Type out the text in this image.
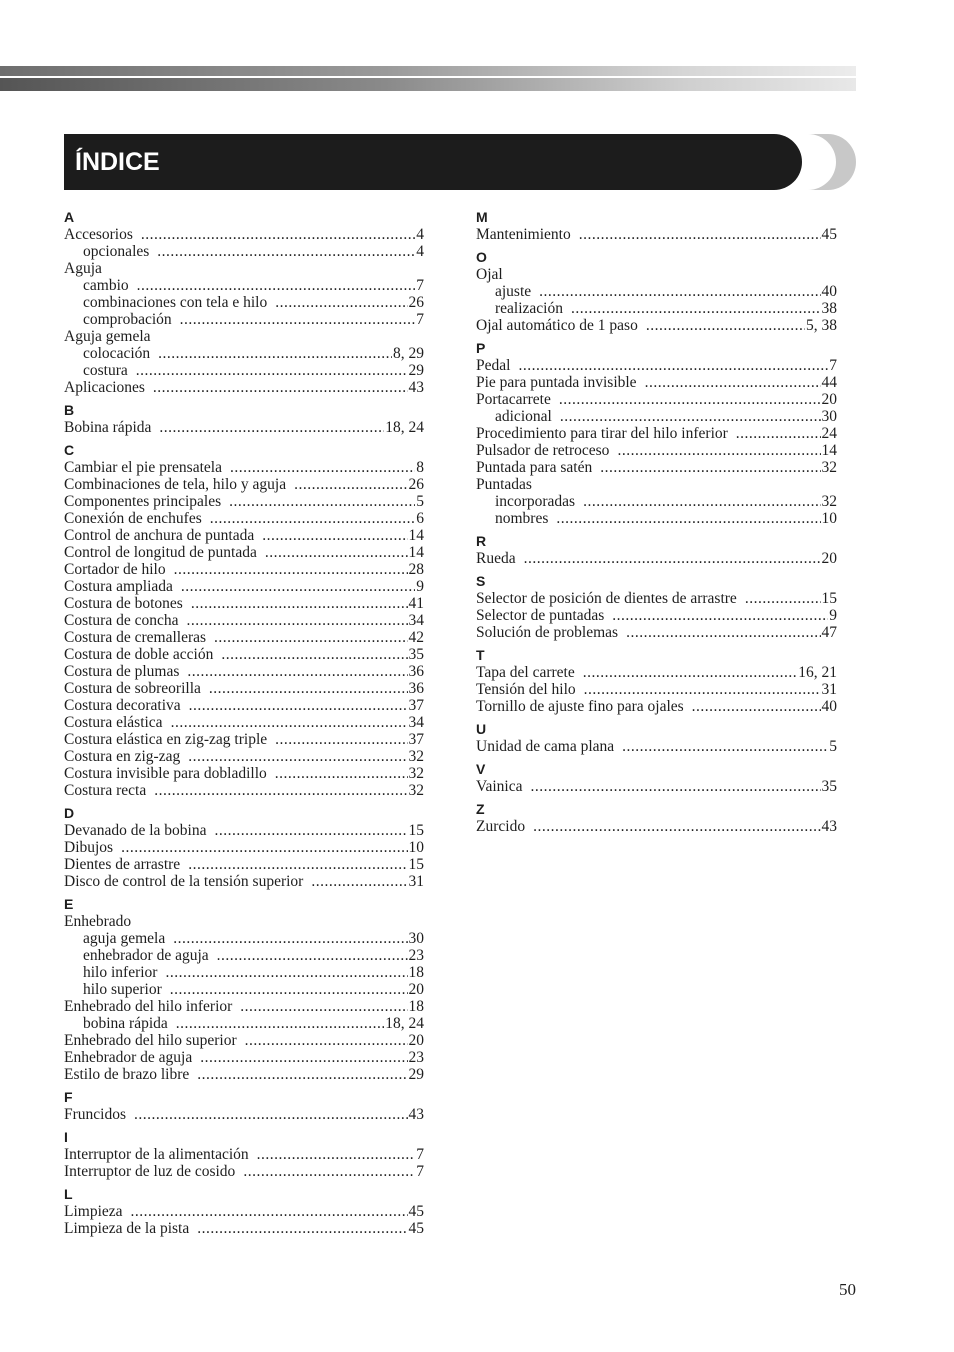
ÍNDICE
A
Accesorios .....	4
opcionales .....	4
Aguja
cambio .....	7
combinaciones con tela e hilo .....	26
comprobación .....	7
Aguja gemela
colocación .....	8, 29
costura .....	29
Aplicaciones .....	43
B
Bobina rápida .....	18, 24
C
Cambiar el pie prensatela .....	8
Combinaciones de tela, hilo y aguja .....	26
Componentes principales .....	5
Conexión de enchufes .....	6
Control de anchura de puntada .....	14
Control de longitud de puntada .....	14
Cortador de hilo .....	28
Costura ampliada .....	9
Costura de botones .....	41
Costura de concha .....	34
Costura de cremalleras .....	42
Costura de doble acción .....	35
Costura de plumas .....	36
Costura de sobreorilla .....	36
Costura decorativa .....	37
Costura elástica .....	34
Costura elástica en zig-zag triple .....	37
Costura en zig-zag .....	32
Costura invisible para dobladillo .....	32
Costura recta .....	32
D
Devanado de la bobina .....	15
Dibujos .....	10
Dientes de arrastre .....	15
Disco de control de la tensión superior .....	31
E
Enhebrado
aguja gemela .....	30
enhebrador de aguja .....	23
hilo inferior .....	18
hilo superior .....	20
Enhebrado del hilo inferior .....	18
bobina rápida .....	18, 24
Enhebrado del hilo superior .....	20
Enhebrador de aguja .....	23
Estilo de brazo libre .....	29
F
Fruncidos .....	43
I
Interruptor de la alimentación .....	7
Interruptor de luz de cosido .....	7
L
Limpieza .....	45
Limpieza de la pista .....	45
M
Mantenimiento .....	45
O
Ojal
ajuste .....	40
realización .....	38
Ojal automático de 1 paso .....	5, 38
P
Pedal .....	7
Pie para puntada invisible .....	44
Portacarrete .....	20
adicional .....	30
Procedimiento para tirar del hilo inferior .....	24
Pulsador de retroceso .....	14
Puntada para satén .....	32
Puntadas
incorporadas .....	32
nombres .....	10
R
Rueda .....	20
S
Selector de posición de dientes de arrastre .....	15
Selector de puntadas .....	9
Solución de problemas .....	47
T
Tapa del carrete .....	16, 21
Tensión del hilo .....	31
Tornillo de ajuste fino para ojales .....	40
U
Unidad de cama plana .....	5
V
Vainica .....	35
Z
Zurcido .....	43
50
